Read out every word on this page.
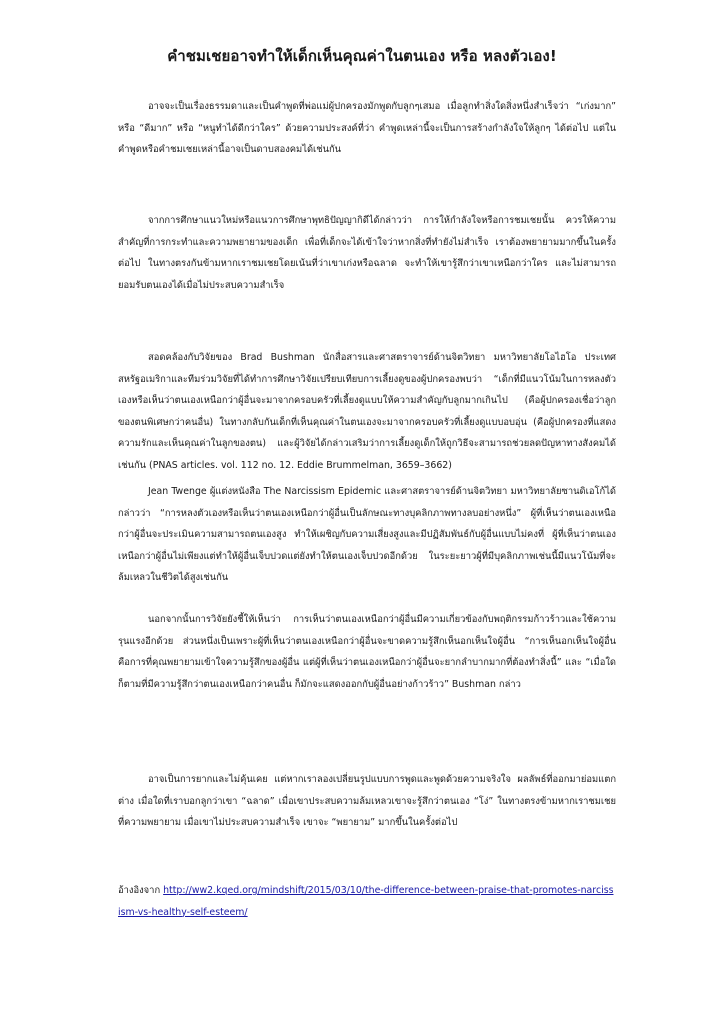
คำชมเชยอาจทำให้เด็กเห็นคุณค่าในตนเอง หรือ หลงตัวเอง!

อาจจะเป็นเรื่องธรรมดาและเป็นคำพูดที่พ่อแม่ผู้ปกครองมักพูดกับลูกๆเสมอ เมื่อลูกทำสิ่งใดสิ่งหนึ่งสำเร็จว่า “เก่งมาก” หรือ “ดีมาก” หรือ “หนูทำได้ดีกว่าใคร” ด้วยความประสงค์ที่ว่า คำพูดเหล่านี้จะเป็นการสร้างกำลังใจให้ลูกๆ ได้ต่อไป แต่ในคำพูดหรือคำชมเชยเหล่านี้อาจเป็นดาบสองคมได้เช่นกัน

จากการศึกษาแนวใหม่หรือแนวการศึกษาพุทธิปัญญากิดีได้กล่าวว่า การให้กำลังใจหรือการชมเชยนั้น ควรให้ความสำคัญที่การกระทำและความพยายามของเด็ก เพื่อที่เด็กจะได้เข้าใจว่าหากสิ่งที่ทำยังไม่สำเร็จ เราต้องพยายามมากขึ้นในครั้งต่อไป ในทางตรงกันข้ามหากเราชมเชยโดยเน้นที่ว่าเขาเก่งหรือฉลาด จะทำให้เขารู้สึกว่าเขาเหนือกว่าใคร และไม่สามารถยอมรับตนเองได้เมื่อไม่ประสบความสำเร็จ

สอดคล้องกับวิจัยของ Brad Bushman นักสื่อสารและศาสตราจารย์ด้านจิตวิทยา มหาวิทยาลัยโอไฮโอ ประเทศสหรัฐอเมริกาและทีมร่วมวิจัยที่ได้ทำการศึกษาวิจัยเปรียบเทียบการเลี้ยงดูของผู้ปกครองพบว่า “เด็กที่มีแนวโน้มในการหลงตัวเองหรือเห็นว่าตนเองเหนือกว่าผู้อื่นจะมาจากครอบครัวที่เลี้ยงดูแบบให้ความสำคัญกับลูกมากเกินไป (คือผู้ปกครองเชื่อว่าลูกของตนพิเศษกว่าคนอื่น) ในทางกลับกันเด็กที่เห็นคุณค่าในตนเองจะมาจากครอบครัวที่เลี้ยงดูแบบอบอุ่น (คือผู้ปกครองที่แสดงความรักและเห็นคุณค่าในลูกของตน) และผู้วิจัยได้กล่าวเสริมว่าการเลี้ยงดูเด็กให้ถูกวิธีจะสามารถช่วยลดปัญหาทางสังคมได้เช่นกัน (PNAS articles. vol. 112 no. 12. Eddie Brummelman, 3659–3662)

Jean Twenge ผู้แต่งหนังสือ The Narcissism Epidemic และศาสตราจารย์ด้านจิตวิทยา มหาวิทยาลัยซานดิเอโก้ได้กล่าวว่า “การหลงตัวเองหรือเห็นว่าตนเองเหนือกว่าผู้อื่นเป็นลักษณะทางบุคลิกภาพทางลบอย่างหนึ่ง” ผู้ที่เห็นว่าตนเองเหนือกว่าผู้อื่นจะประเมินความสามารถตนเองสูง ทำให้เผชิญกับความเสี่ยงสูงและมีปฏิสัมพันธ์กับผู้อื่นแบบไม่คงที่ ผู้ที่เห็นว่าตนเองเหนือกว่าผู้อื่นไม่เพียงแต่ทำให้ผู้อื่นเจ็บปวดแต่ยังทำให้ตนเองเจ็บปวดอีกด้วย ในระยะยาวผู้ที่มีบุคลิกภาพเช่นนี้มีแนวโน้มที่จะล้มเหลวในชีวิตได้สูงเช่นกัน

นอกจากนั้นการวิจัยยังชี้ให้เห็นว่า การเห็นว่าตนเองเหนือกว่าผู้อื่นมีความเกี่ยวข้องกับพฤติกรรมก้าวร้าวและใช้ความรุนแรงอีกด้วย ส่วนหนึ่งเป็นเพราะผู้ที่เห็นว่าตนเองเหนือกว่าผู้อื่นจะขาดความรู้สึกเห็นอกเห็นใจผู้อื่น “การเห็นอกเห็นใจผู้อื่น คือการที่คุณพยายามเข้าใจความรู้สึกของผู้อื่น แต่ผู้ที่เห็นว่าตนเองเหนือกว่าผู้อื่นจะยากลำบากมากที่ต้องทำสิ่งนี้” และ “เมื่อใดก็ตามที่มีความรู้สึกว่าตนเองเหนือกว่าคนอื่น ก็มักจะแสดงออกกับผู้อื่นอย่างก้าวร้าว” Bushman กล่าว

อาจเป็นการยากและไม่คุ้นเคย แต่หากเราลองเปลี่ยนรูปแบบการพูดและพูดด้วยความจริงใจ ผลลัพธ์ที่ออกมาย่อมแตกต่าง เมื่อใดที่เราบอกลูกว่าเขา “ฉลาด” เมื่อเขาประสบความล้มเหลวเขาจะรู้สึกว่าตนเอง “โง่” ในทางตรงข้ามหากเราชมเชยที่ความพยายาม เมื่อเขาไม่ประสบความสำเร็จ เขาจะ “พยายาม” มากขึ้นในครั้งต่อไป

อ้างอิงจาก http://ww2.kqed.org/mindshift/2015/03/10/the-difference-between-praise-that-promotes-narcissism-vs-healthy-self-esteem/
